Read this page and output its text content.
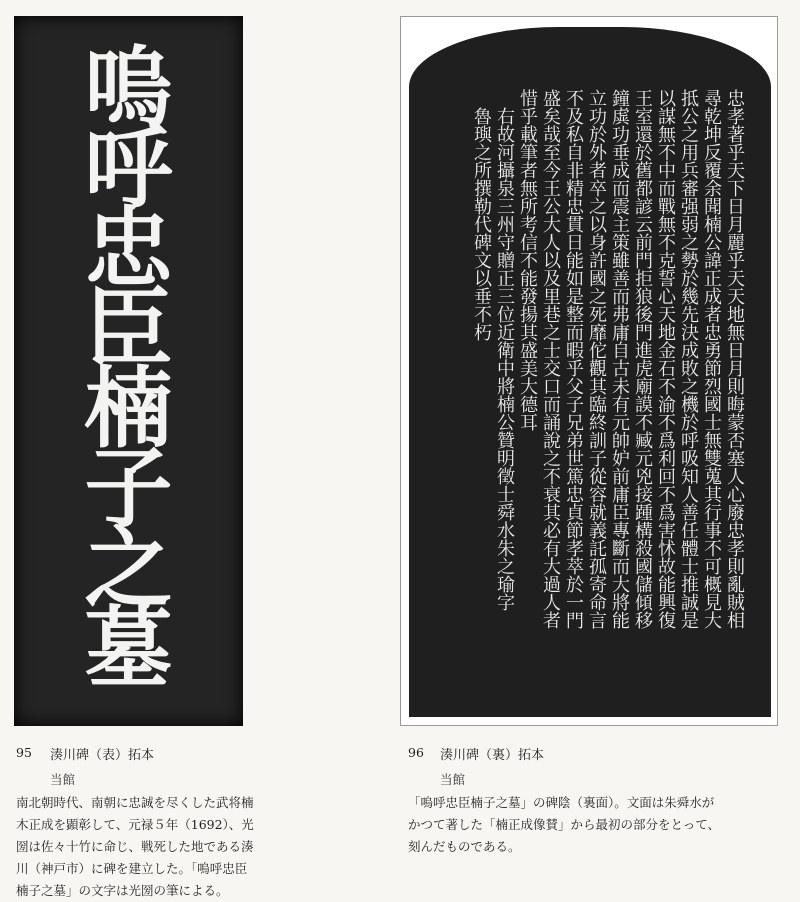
嗚
呼
忠
臣
楠
子
之
墓
忠孝著乎天下日月麗乎天天地無日月則晦蒙否塞人心廢忠孝則亂賊相
尋乾坤反覆余聞楠公諱正成者忠勇節烈國士無雙蒐其行事不可概見大
抵公之用兵審强弱之勢於幾先決成敗之機於呼吸知人善任體士推誠是
以謀無不中而戰無不克誓心天地金石不渝不爲利回不爲害怵故能興復
王室還於舊都諺云前門拒狼後門進虎廟謨不臧元兇接踵構殺國儲傾移
鐘虡功垂成而震主策雖善而弗庸自古未有元帥妒前庸臣專斷而大將能
立功於外者卒之以身許國之死靡佗觀其臨終訓子從容就義託孤寄命言
不及私自非精忠貫日能如是整而暇乎父子兄弟世篤忠貞節孝萃於一門
盛矣哉至今王公大人以及里巷之士交口而誦說之不衰其必有大過人者
惜乎載筆者無所考信不能發揚其盛美大德耳
　右故河攝泉三州守贈正三位近衛中將楠公贊明徵士舜水朱之瑜字
　魯璵之所撰勒代碑文以垂不朽
95 湊川碑（表）拓本
当館
南北朝時代、南朝に忠誠を尽くした武将楠
木正成を顕彰して、元禄５年（1692）、光
圀は佐々十竹に命じ、戦死した地である湊
川（神戸市）に碑を建立した。「嗚呼忠臣
楠子之墓」の文字は光圀の筆による。
96 湊川碑（裏）拓本
当館
「嗚呼忠臣楠子之墓」の碑陰（裏面）。文面は朱舜水が
かつて著した「楠正成像賛」から最初の部分をとって、
刻んだものである。
